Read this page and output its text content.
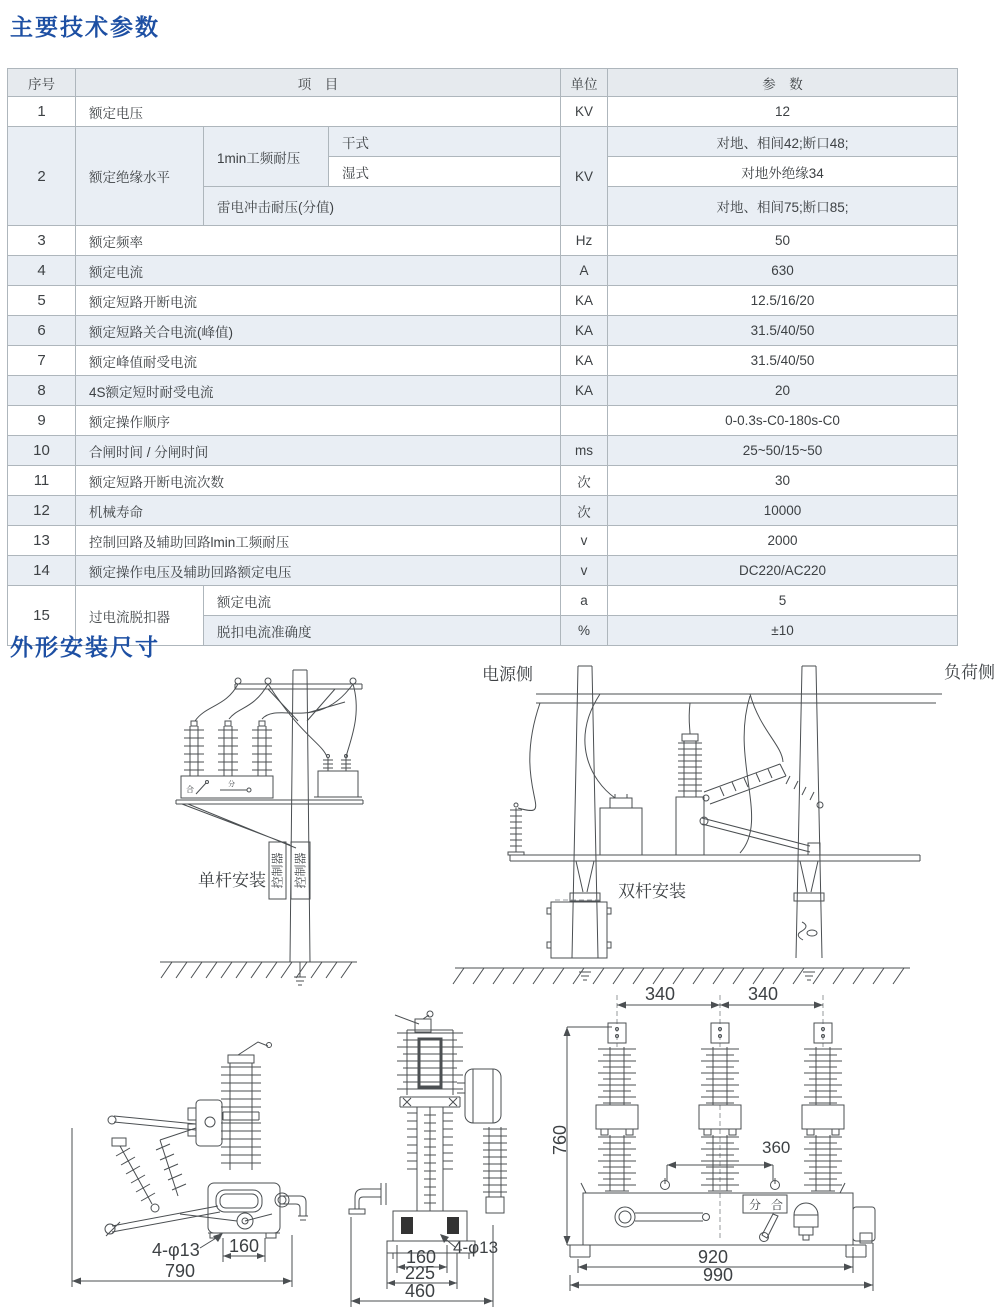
主要技术参数
序号	项　目			单位	参　数
1	额定电压			KV	12
2	额定绝缘水平	1min工频耐压	干式	KV	对地、相间42;断口48;
			湿式		对地外绝缘34
		雷电冲击耐压(分值)			对地、相间75;断口85;
3	额定频率			Hz	50
4	额定电流			A	630
5	额定短路开断电流			KA	12.5/16/20
6	额定短路关合电流(峰值)			KA	31.5/40/50
7	额定峰值耐受电流			KA	31.5/40/50
8	4S额定短时耐受电流			KA	20
9	额定操作顺序				0-0.3s-C0-180s-C0
10	合闸时间 / 分闸时间			ms	25~50/15~50
11	额定短路开断电流次数			次	30
12	机械寿命			次	10000
13	控制回路及辅助回路lmin工频耐压			v	2000
14	额定操作电压及辅助回路额定电压			v	DC220/AC220
15	过电流脱扣器	额定电流		a	5
		脱扣电流准确度		%	±10
外形安装尺寸
合
分
控制器 控制器
单杆安装
电源侧	负荷侧
双杆安装
4-φ13 160
790
4-φ13
160
225
460
分 合
340	340
360
760
920
990
